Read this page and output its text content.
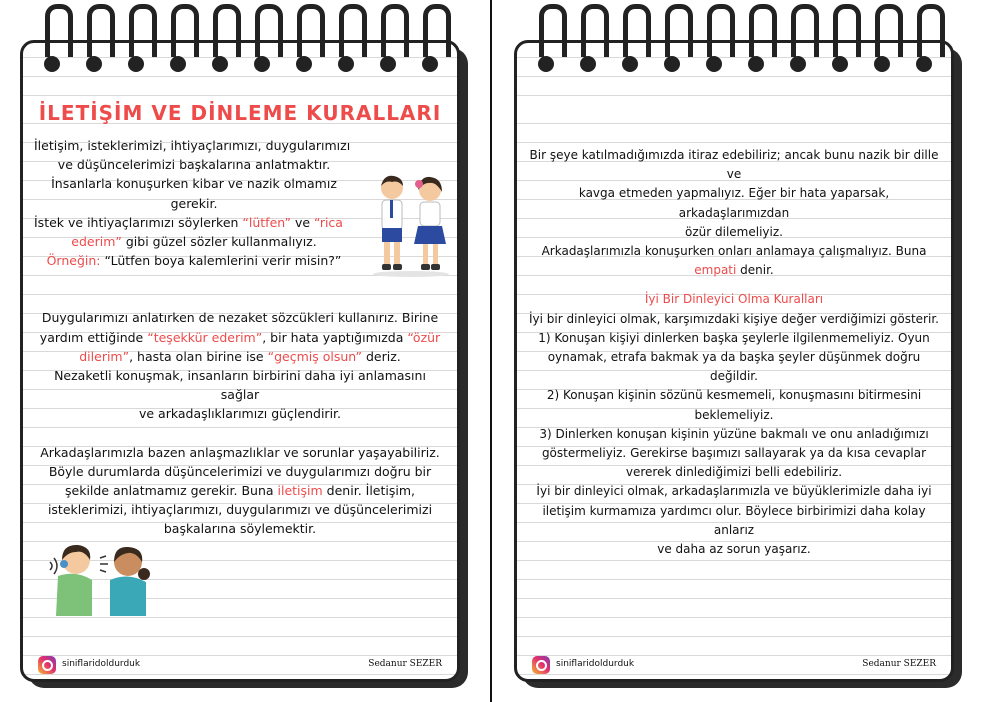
İLETİŞİM VE DİNLEME KURALLARI

İletişim, isteklerimizi, ihtiyaçlarımızı, duygularımızı

ve düşüncelerimizi başkalarına anlatmaktır.

İnsanlarla konuşurken kibar ve nazik olmamız

gerekir.

İstek ve ihtiyaçlarımızı söylerken “lütfen” ve “rica

ederim” gibi güzel sözler kullanmalıyız.

Örneğin: “Lütfen boya kalemlerini verir misin?”

Duygularımızı anlatırken de nezaket sözcükleri kullanırız. Birine

yardım ettiğinde “teşekkür ederim”, bir hata yaptığımızda “özür

dilerim”, hasta olan birine ise “geçmiş olsun” deriz.

Nezaketli konuşmak, insanların birbirini daha iyi anlamasını sağlar

ve arkadaşlıklarımızı güçlendirir.

Arkadaşlarımızla bazen anlaşmazlıklar ve sorunlar yaşayabiliriz.

Böyle durumlarda düşüncelerimizi ve duygularımızı doğru bir

şekilde anlatmamız gerekir. Buna iletişim denir. İletişim,

isteklerimizi, ihtiyaçlarımızı, duygularımızı ve düşüncelerimizi

başkalarına söylemektir.

siniflaridoldurduk	Sedanur SEZER

Bir şeye katılmadığımızda itiraz edebiliriz; ancak bunu nazik bir dille ve

kavga etmeden yapmalıyız. Eğer bir hata yaparsak, arkadaşlarımızdan

özür dilemeliyiz.

Arkadaşlarımızla konuşurken onları anlamaya çalışmalıyız. Buna

empati denir.

İyi Bir Dinleyici Olma Kuralları

İyi bir dinleyici olmak, karşımızdaki kişiye değer verdiğimizi gösterir.

1) Konuşan kişiyi dinlerken başka şeylerle ilgilenmemeliyiz. Oyun

oynamak, etrafa bakmak ya da başka şeyler düşünmek doğru değildir.

2) Konuşan kişinin sözünü kesmemeli, konuşmasını bitirmesini

beklemeliyiz.

3) Dinlerken konuşan kişinin yüzüne bakmalı ve onu anladığımızı

göstermeliyiz. Gerekirse başımızı sallayarak ya da kısa cevaplar

vererek dinlediğimizi belli edebiliriz.

İyi bir dinleyici olmak, arkadaşlarımızla ve büyüklerimizle daha iyi

iletişim kurmamıza yardımcı olur. Böylece birbirimizi daha kolay anlarız

ve daha az sorun yaşarız.

siniflaridoldurduk	Sedanur SEZER
